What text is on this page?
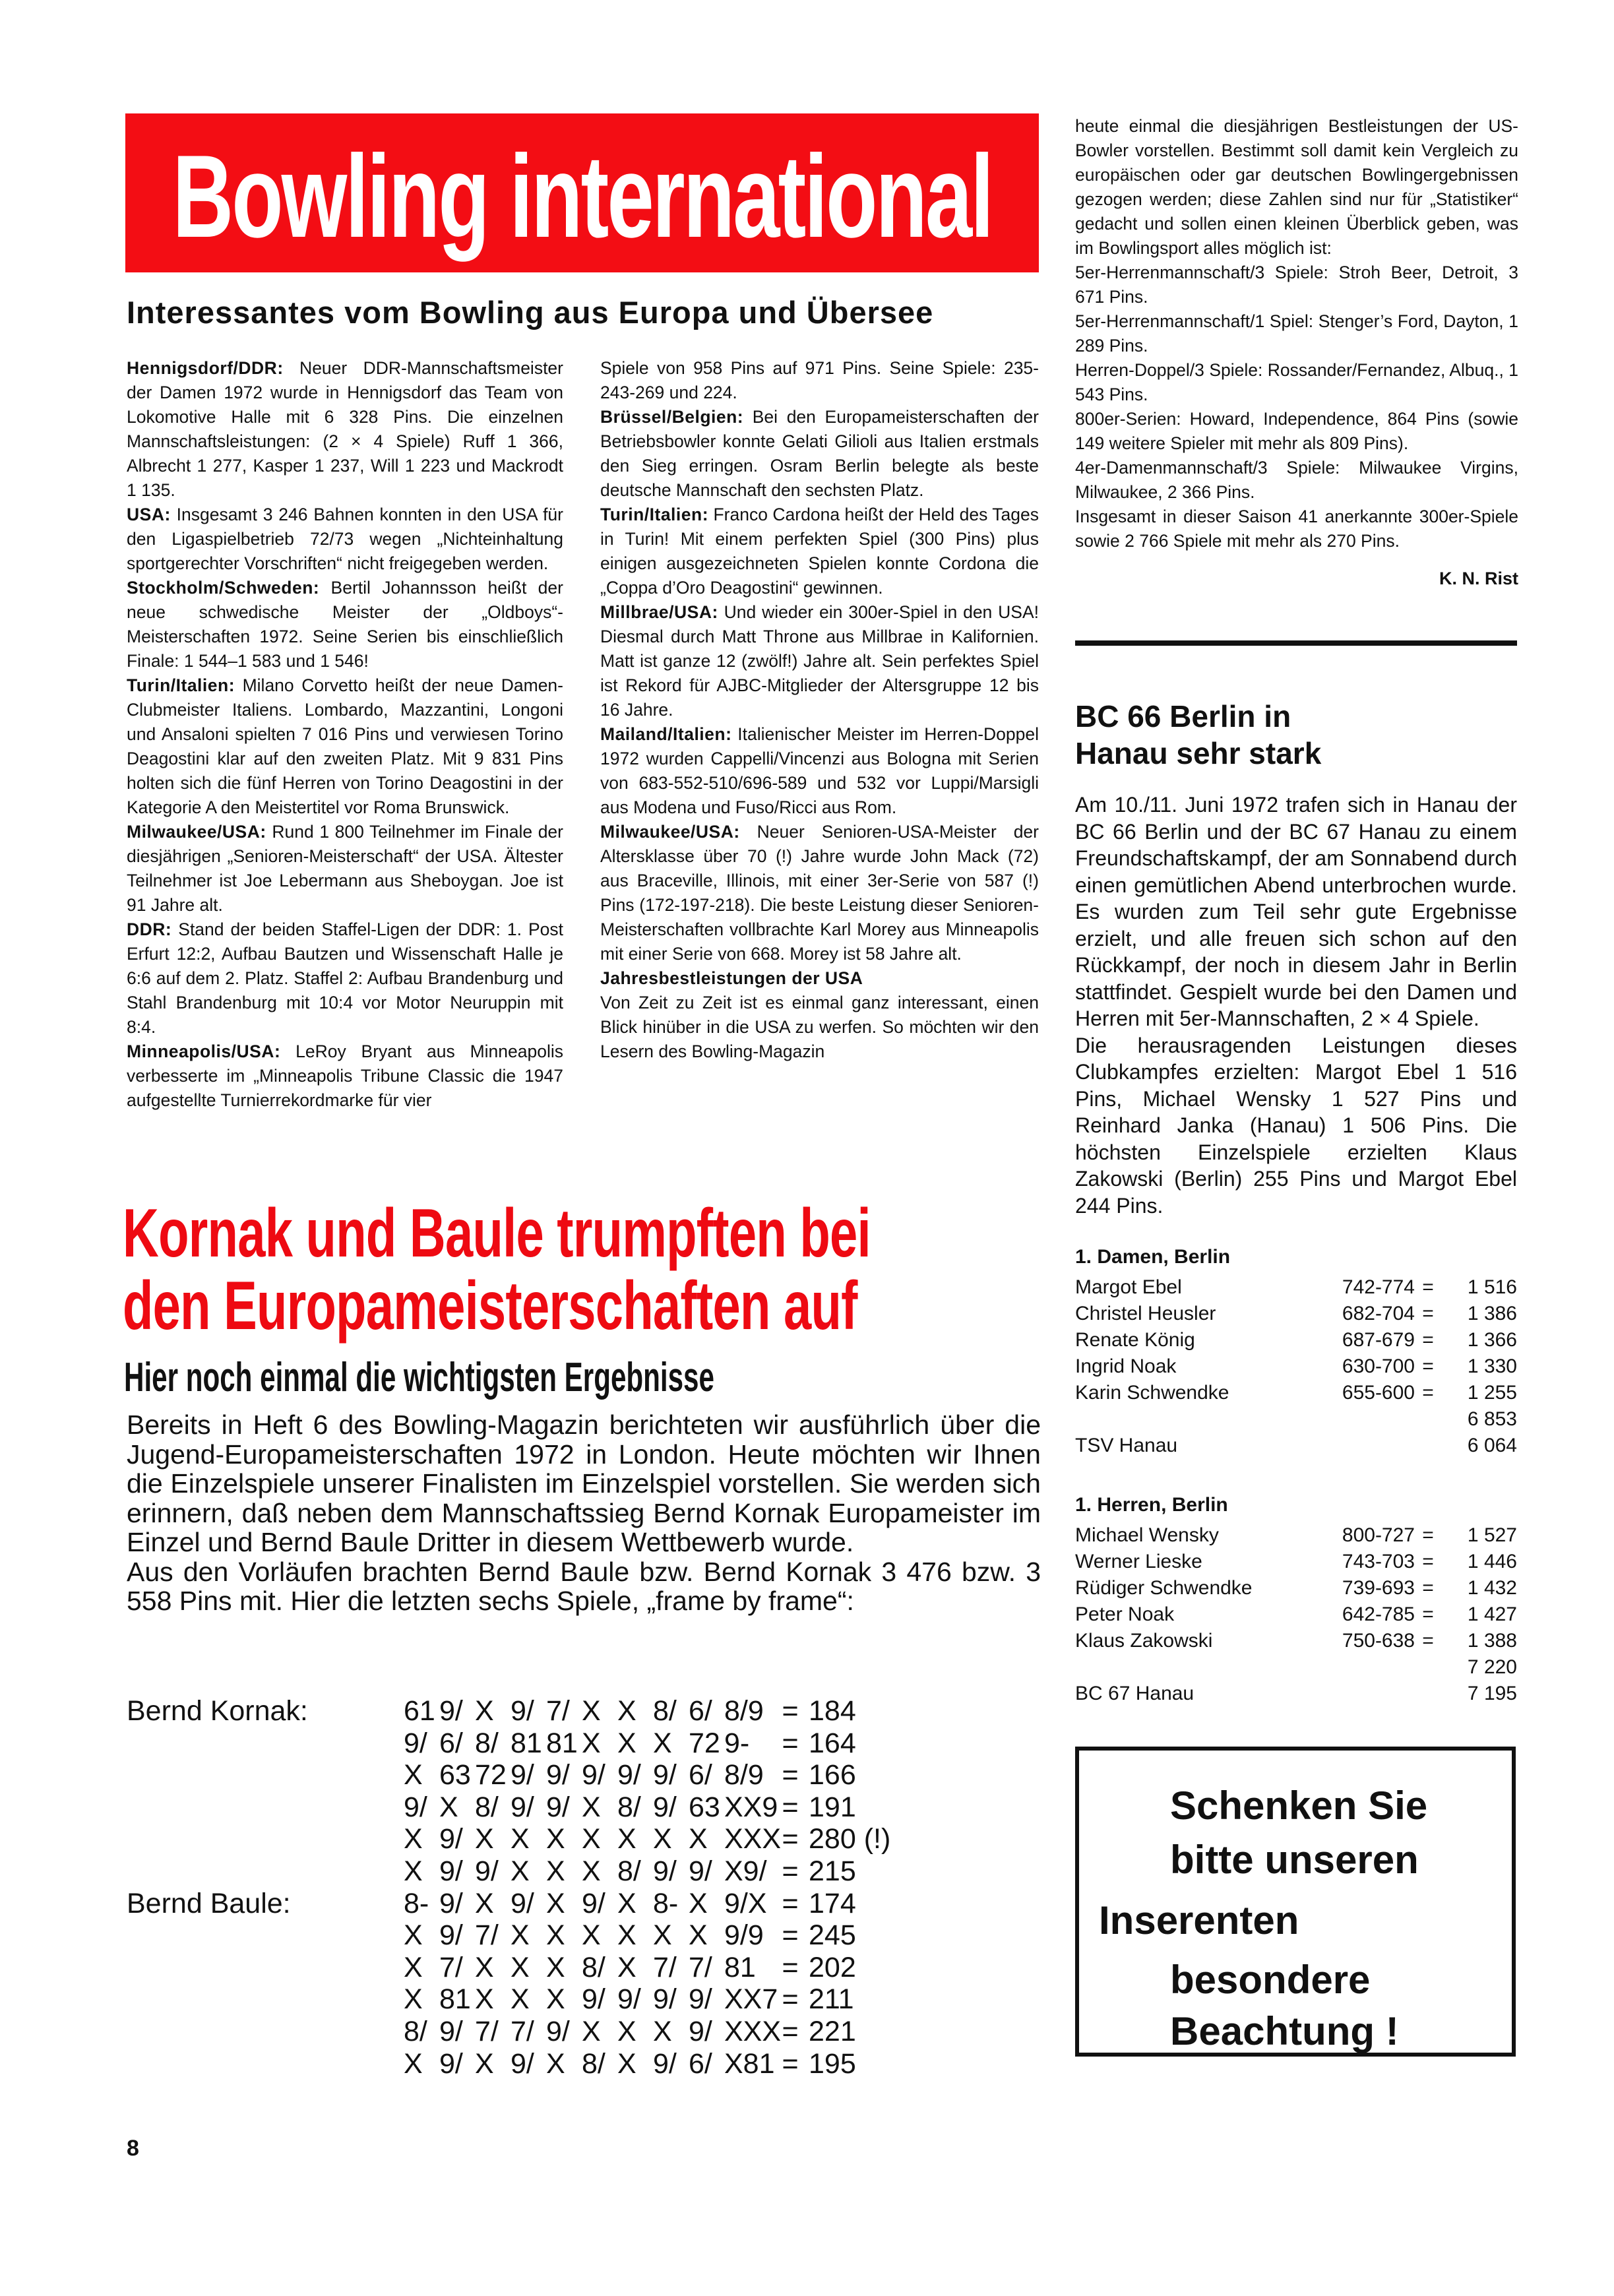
Bowling international
Interessantes vom Bowling aus Europa und Übersee

Hennigsdorf/DDR: Neuer DDR-Mannschaftsmeister der Damen 1972 wurde in Hennigsdorf das Team von Lokomotive Halle mit 6 328 Pins. Die einzelnen Mannschaftsleistungen: (2 × 4 Spiele) Ruff 1 366, Albrecht 1 277, Kasper 1 237, Will 1 223 und Mackrodt 1 135.

USA: Insgesamt 3 246 Bahnen konnten in den USA für den Ligaspielbetrieb 72/73 wegen „Nichteinhaltung sportgerechter Vorschriften“ nicht freigegeben werden.

Stockholm/Schweden: Bertil Johannsson heißt der neue schwedische Meister der „Oldboys“-Meisterschaften 1972. Seine Serien bis einschließlich Finale: 1 544–1 583 und 1 546!

Turin/Italien: Milano Corvetto heißt der neue Damen-Clubmeister Italiens. Lombardo, Mazzantini, Longoni und Ansaloni spielten 7 016 Pins und verwiesen Torino Deagostini klar auf den zweiten Platz. Mit 9 831 Pins holten sich die fünf Herren von Torino Deagostini in der Kategorie A den Meistertitel vor Roma Brunswick.

Milwaukee/USA: Rund 1 800 Teilnehmer im Finale der diesjährigen „Senioren-Meisterschaft“ der USA. Ältester Teilnehmer ist Joe Lebermann aus Sheboygan. Joe ist 91 Jahre alt.

DDR: Stand der beiden Staffel-Ligen der DDR: 1. Post Erfurt 12:2, Aufbau Bautzen und Wissenschaft Halle je 6:6 auf dem 2. Platz. Staffel 2: Aufbau Brandenburg und Stahl Brandenburg mit 10:4 vor Motor Neuruppin mit 8:4.

Minneapolis/USA: LeRoy Bryant aus Minneapolis verbesserte im „Minneapolis Tribune Classic die 1947 aufgestellte Turnierrekordmarke für vier

Spiele von 958 Pins auf 971 Pins. Seine Spiele: 235-243-269 und 224.

Brüssel/Belgien: Bei den Europameisterschaften der Betriebsbowler konnte Gelati Gilioli aus Italien erstmals den Sieg erringen. Osram Berlin belegte als beste deutsche Mannschaft den sechsten Platz.

Turin/Italien: Franco Cardona heißt der Held des Tages in Turin! Mit einem perfekten Spiel (300 Pins) plus einigen ausgezeichneten Spielen konnte Cordona die „Coppa d’Oro Deagostini“ gewinnen.

Millbrae/USA: Und wieder ein 300er-Spiel in den USA! Diesmal durch Matt Throne aus Millbrae in Kalifornien. Matt ist ganze 12 (zwölf!) Jahre alt. Sein perfektes Spiel ist Rekord für AJBC-Mitglieder der Altersgruppe 12 bis 16 Jahre.

Mailand/Italien: Italienischer Meister im Herren-Doppel 1972 wurden Cappelli/Vincenzi aus Bologna mit Serien von 683-552-510/696-589 und 532 vor Luppi/Marsigli aus Modena und Fuso/Ricci aus Rom.

Milwaukee/USA: Neuer Senioren-USA-Meister der Altersklasse über 70 (!) Jahre wurde John Mack (72) aus Braceville, Illinois, mit einer 3er-Serie von 587 (!) Pins (172-197-218). Die beste Leistung dieser Senioren-Meisterschaften vollbrachte Karl Morey aus Minneapolis mit einer Serie von 668. Morey ist 58 Jahre alt.

Jahresbestleistungen der USA

Von Zeit zu Zeit ist es einmal ganz interessant, einen Blick hinüber in die USA zu werfen. So möchten wir den Lesern des Bowling-Magazin

heute einmal die diesjährigen Bestleistungen der US-Bowler vorstellen. Bestimmt soll damit kein Vergleich zu europäischen oder gar deutschen Bowlingergebnissen gezogen werden; diese Zahlen sind nur für „Statistiker“ gedacht und sollen einen kleinen Überblick geben, was im Bowlingsport alles möglich ist:

5er-Herrenmannschaft/3 Spiele: Stroh Beer, Detroit, 3 671 Pins.

5er-Herrenmannschaft/1 Spiel: Stenger’s Ford, Dayton, 1 289 Pins.

Herren-Doppel/3 Spiele: Rossander/Fernandez, Albuq., 1 543 Pins.

800er-Serien: Howard, Independence, 864 Pins (sowie 149 weitere Spieler mit mehr als 809 Pins).

4er-Damenmannschaft/3 Spiele: Milwaukee Virgins, Milwaukee, 2 366 Pins.

Insgesamt in dieser Saison 41 anerkannte 300er-Spiele sowie 2 766 Spiele mit mehr als 270 Pins.

K. N. Rist
BC 66 Berlin in
Hanau sehr stark

Am 10./11. Juni 1972 trafen sich in Hanau der BC 66 Berlin und der BC 67 Hanau zu einem Freundschaftskampf, der am Sonnabend durch einen gemütlichen Abend unterbrochen wurde. Es wurden zum Teil sehr gute Ergebnisse erzielt, und alle freuen sich schon auf den Rückkampf, der noch in diesem Jahr in Berlin stattfindet. Gespielt wurde bei den Damen und Herren mit 5er-Mannschaften, 2 × 4 Spiele.

Die herausragenden Leistungen dieses Clubkampfes erzielten: Margot Ebel 1 516 Pins, Michael Wensky 1 527 Pins und Reinhard Janka (Hanau) 1 506 Pins. Die höchsten Einzelspiele erzielten Klaus Zakowski (Berlin) 255 Pins und Margot Ebel 244 Pins.

1. Damen, Berlin
Margot Ebel	742-774 =	1 516
Christel Heusler	682-704 =	1 386
Renate König	687-679 =	1 366
Ingrid Noak	630-700 =	1 330
Karin Schwendke	655-600 =	1 255
6 853
TSV Hanau	6 064
1. Herren, Berlin
Michael Wensky	800-727 =	1 527
Werner Lieske	743-703 =	1 446
Rüdiger Schwendke	739-693 =	1 432
Peter Noak	642-785 =	1 427
Klaus Zakowski	750-638 =	1 388
7 220
BC 67 Hanau	7 195
Schenken Sie
bitte unseren
Inserenten
besondere
Beachtung !
Kornak und Baule trumpften bei
den Europameisterschaften auf
Hier noch einmal die wichtigsten Ergebnisse

Bereits in Heft 6 des Bowling-Magazin berichteten wir ausführlich über die Jugend-Europameisterschaften 1972 in London. Heute möchten wir Ihnen die Einzelspiele unserer Finalisten im Einzelspiel vorstellen. Sie werden sich erinnern, daß neben dem Mannschaftssieg Bernd Kornak Europameister im Einzel und Bernd Baule Dritter in diesem Wettbewerb wurde.

Aus den Vorläufen brachten Bernd Baule bzw. Bernd Kornak 3 476 bzw. 3 558 Pins mit. Hier die letzten sechs Spiele, „frame by frame“:

Bernd Kornak:	61 9/ X 9/ 7/ X X 8/ 6/ 8/9 = 184
9/ 6/ 8/ 81 81 X X X 72 9-	= 164
X 63 72 9/ 9/ 9/ 9/ 9/ 6/ 8/9 = 166
9/ X 8/ 9/ 9/ X 8/ 9/ 63 XX9 = 191
X 9/ X X X X X X X XXX = 280 (!)
X 9/ 9/ X X X 8/ 9/ 9/ X9/ = 215
Bernd Baule:	8- 9/ X 9/ X 9/ X 8- X 9/X = 174
X 9/ 7/ X X X X X X 9/9 = 245
X 7/ X X X 8/ X 7/ 7/ 81 = 202
X 81 X X X 9/ 9/ 9/ 9/ XX7 = 211
8/ 9/ 7/ 7/ 9/ X X X 9/ XXX = 221
X 9/ X 9/ X 8/ X 9/ 6/ X81 = 195
8
